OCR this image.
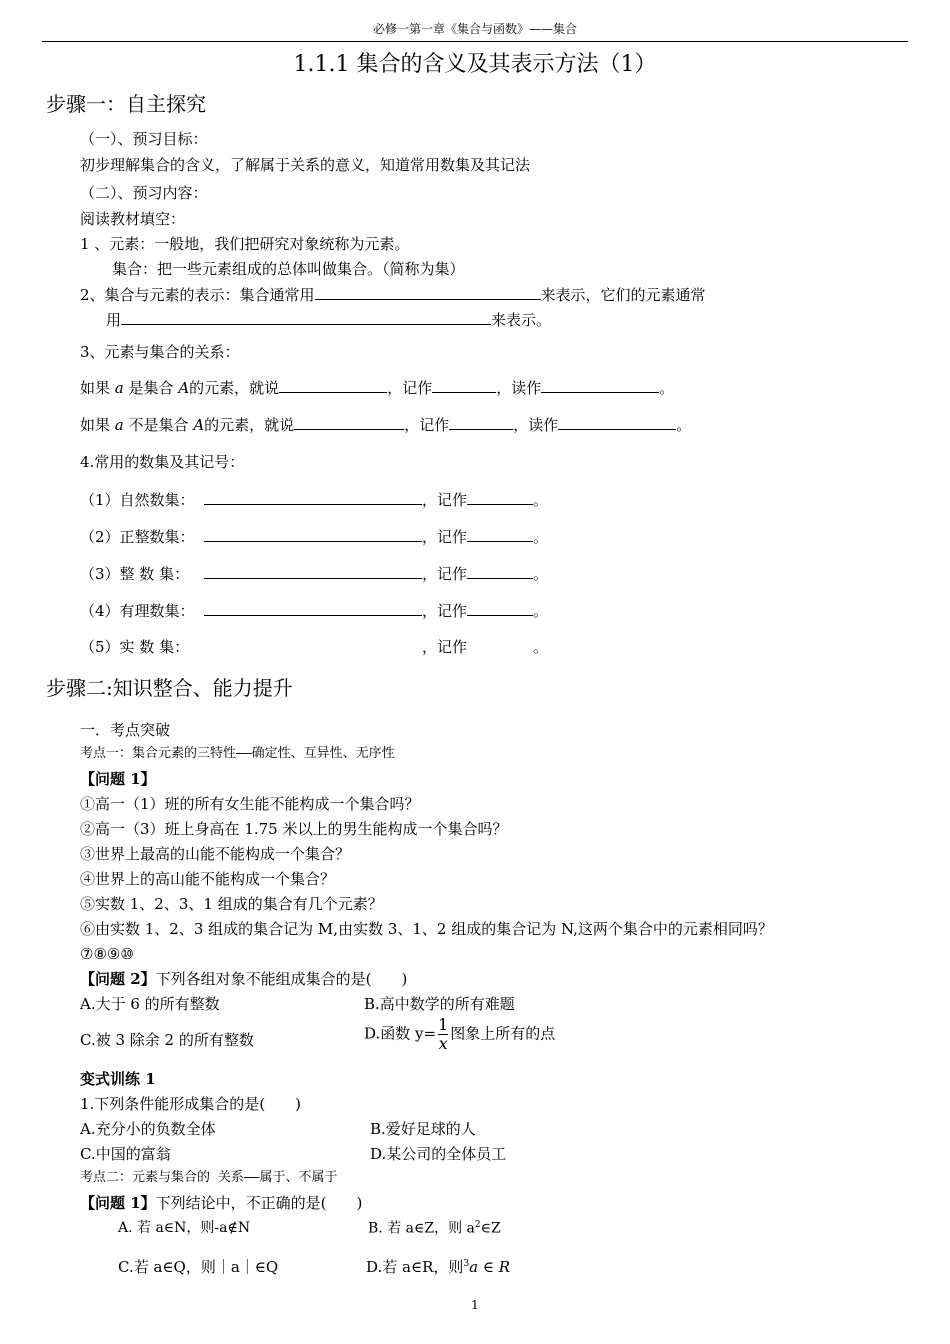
必修一第一章《集合与函数》——集合
1.1.1 集合的含义及其表示方法（1）
步骤一：自主探究
（一）、预习目标：
初步理解集合的含义，了解属于关系的意义，知道常用数集及其记法
（二）、预习内容：
阅读教材填空：
1 、元素：一般地，我们把研究对象统称为元素。
集合：把一些元素组成的总体叫做集合。（简称为集）
2、集合与元素的表示：集合通常用	来表示，它们的元素通常
用	来表示。
3、元素与集合的关系：
如果 a 是集合 A的元素，就说	，记作	，读作	。
如果 a 不是集合 A的元素，就说	，记作	，读作	。
4.常用的数集及其记号：
（1）自然数集：	，记作	。
（2）正整数集：	，记作	。
（3）整 数 集：	，记作	。
（4）有理数集：	，记作	。
（5）实 数 集：	，记作	。
步骤二:知识整合、能力提升
一．考点突破
考点一：集合元素的三特性——确定性、互异性、无序性
【问题 1】
①高一（1）班的所有女生能不能构成一个集合吗？
②高一（3）班上身高在 1.75 米以上的男生能构成一个集合吗？
③世界上最高的山能不能构成一个集合？
④世界上的高山能不能构成一个集合？
⑤实数 1、2、3、1 组成的集合有几个元素？
⑥由实数 1、2、3 组成的集合记为 M,由实数 3、1、2 组成的集合记为 N,这两个集合中的元素相同吗？
⑦⑧⑨⑩
【问题 2】下列各组对象不能组成集合的是(　　)
A.大于 6 的所有整数	B.高中数学的所有难题
C.被 3 除余 2 的所有整数	D.函数 $y= \frac{1}{x}$ 图象上所有的点
变式训练 1
1.下列条件能形成集合的是(　　)
A.充分小的负数全体	B.爱好足球的人
C.中国的富翁	D.某公司的全体员工
考点二：元素与集合的 关系——属于、不属于
【问题 1】下列结论中，不正确的是(　　)
A. 若 a∈N，则-a∉N	B. 若 a∈Z，则 $a^2\in Z$
C.若 a∈Q，则｜a｜∈Q	D.若 a∈R，则$^3$a ∈ R
1
